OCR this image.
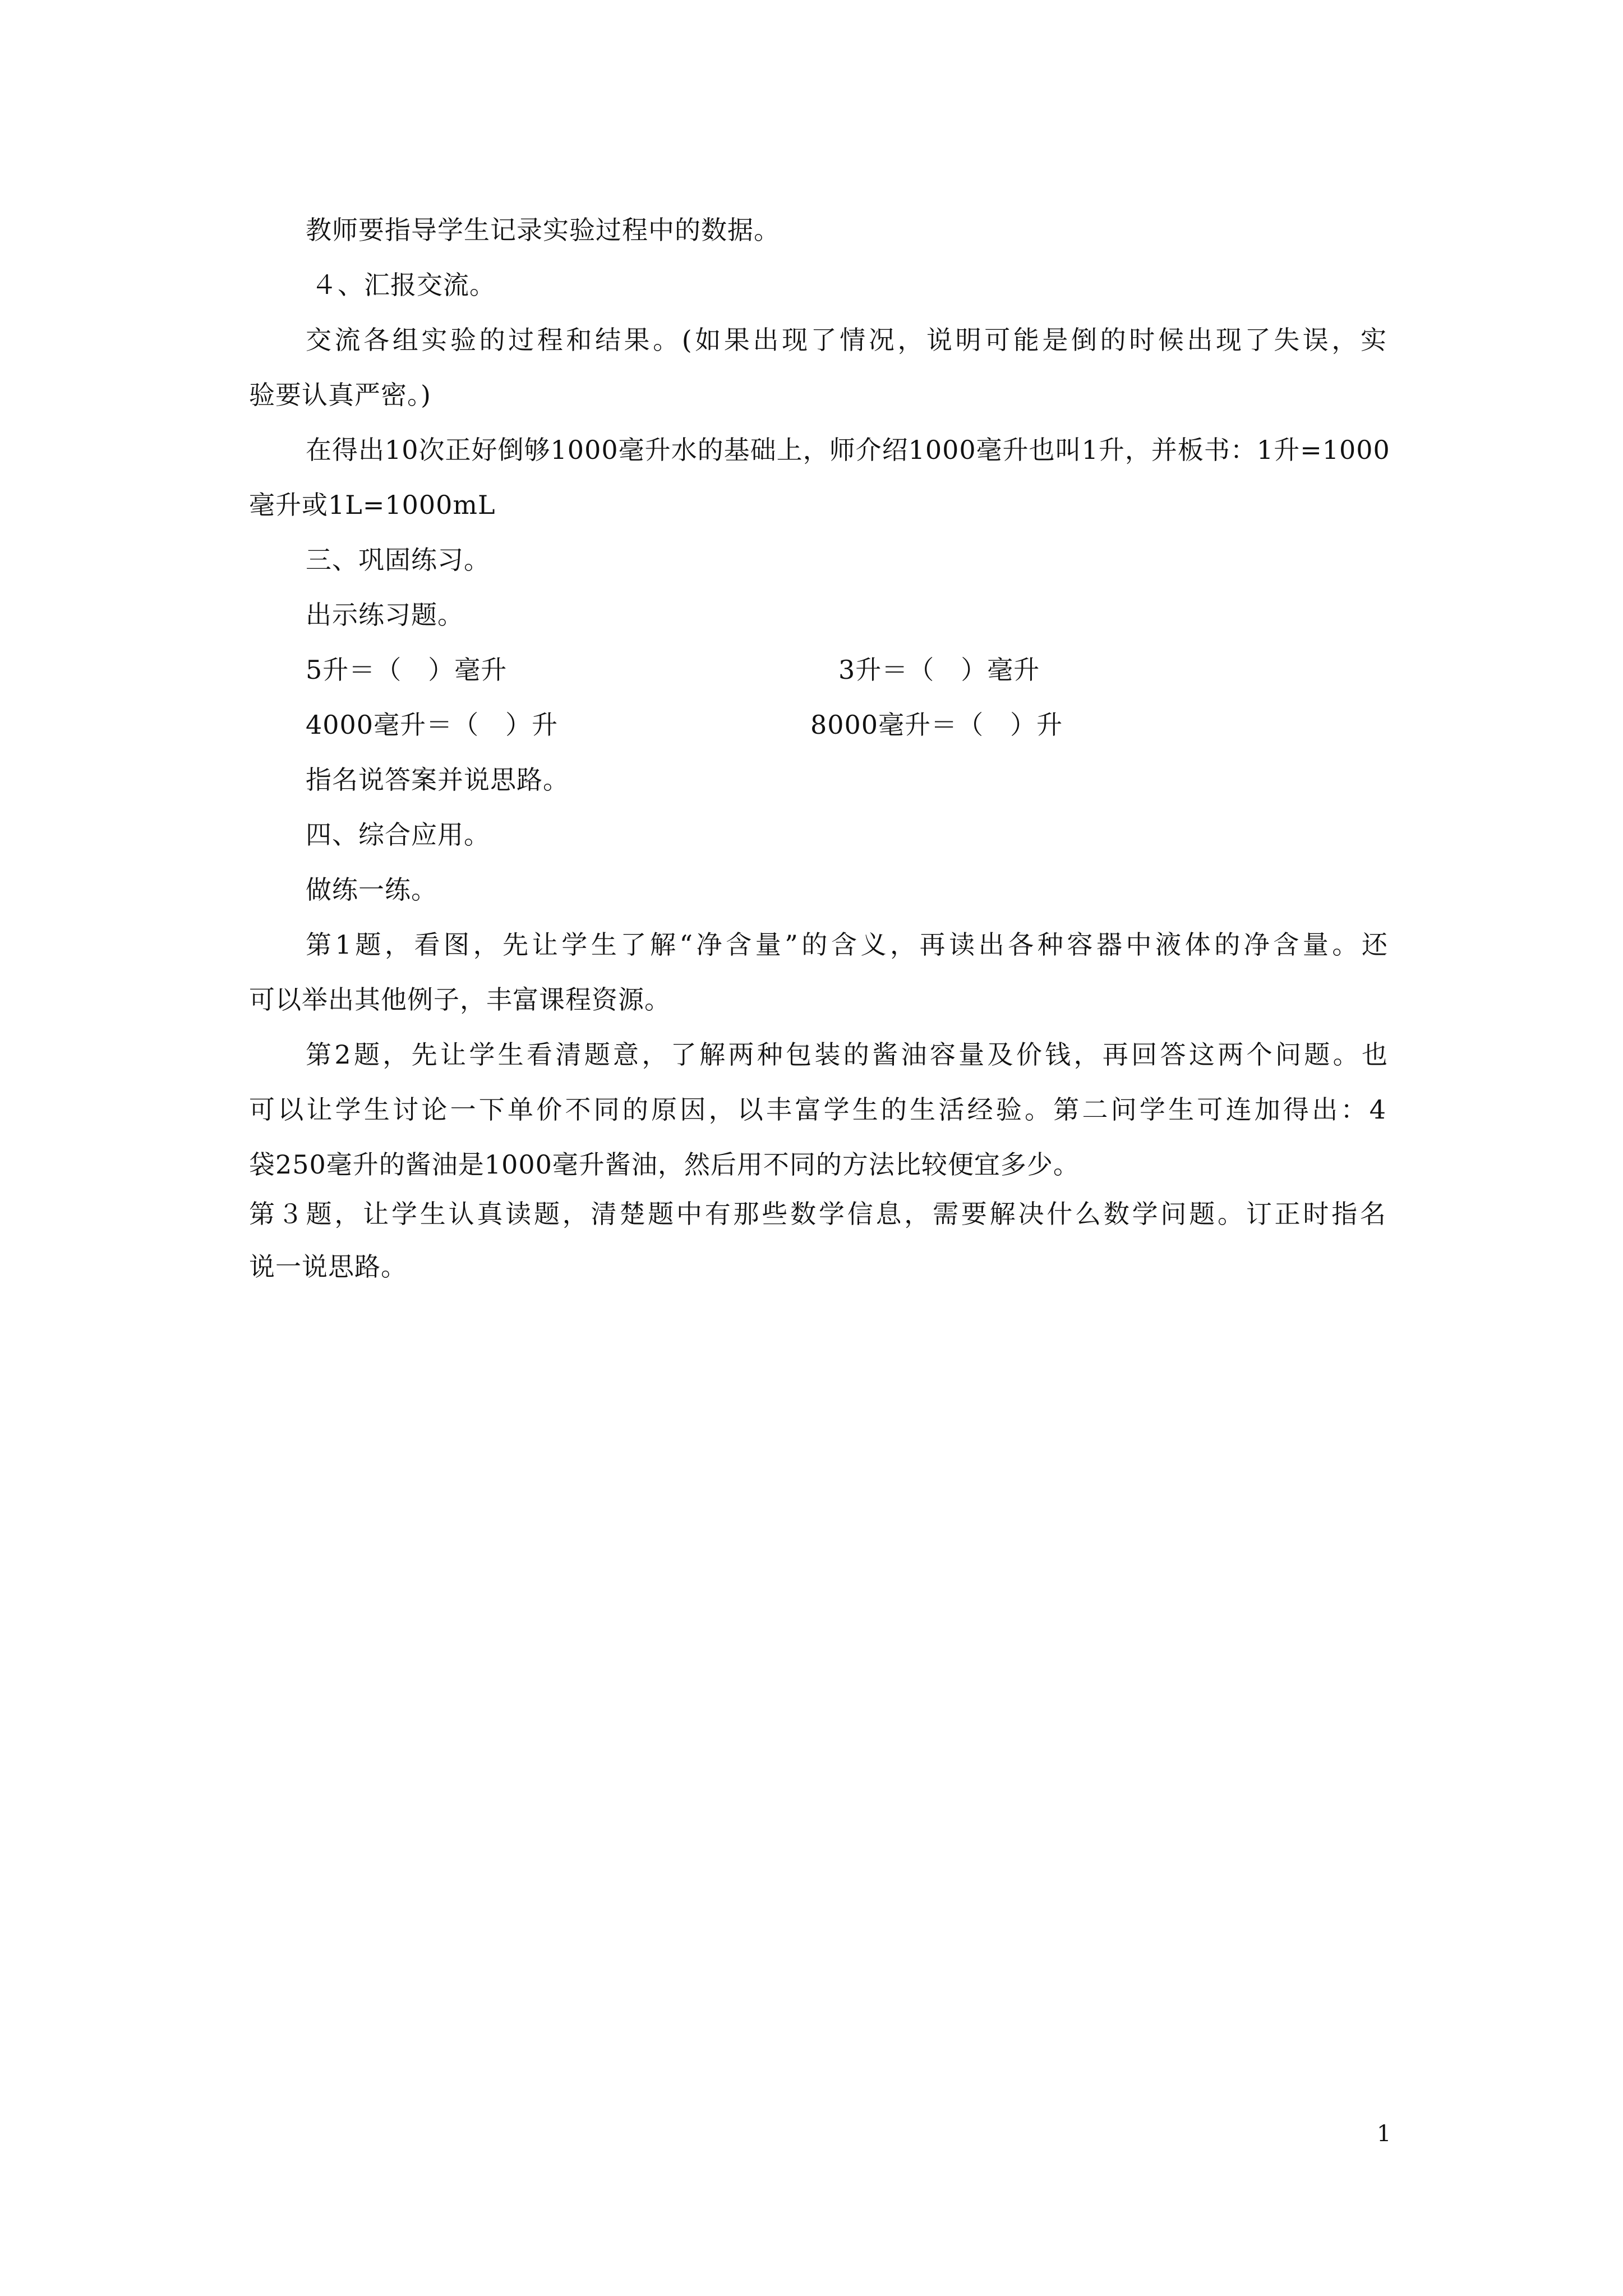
教师要指导学生记录实验过程中的数据。
４、汇报交流。
交流各组实验的过程和结果。(如果出现了情况，说明可能是倒的时候出现了失误，实
验要认真严密。)
在得出10次正好倒够1000毫升水的基础上，师介绍1000毫升也叫1升，并板书：1升=1000
毫升或1L=1000mL
三、巩固练习。
出示练习题。
5升＝（　）毫升	3升＝（　）毫升
4000毫升＝（　）升	8000毫升＝（　）升
指名说答案并说思路。
四、综合应用。
做练一练。
第1题，看图，先让学生了解“净含量”的含义，再读出各种容器中液体的净含量。还
可以举出其他例子，丰富课程资源。
第2题，先让学生看清题意，了解两种包装的酱油容量及价钱，再回答这两个问题。也
可以让学生讨论一下单价不同的原因，以丰富学生的生活经验。第二问学生可连加得出：4
袋250毫升的酱油是1000毫升酱油，然后用不同的方法比较便宜多少。
第３题，让学生认真读题，清楚题中有那些数学信息，需要解决什么数学问题。订正时指名
说一说思路。
1
